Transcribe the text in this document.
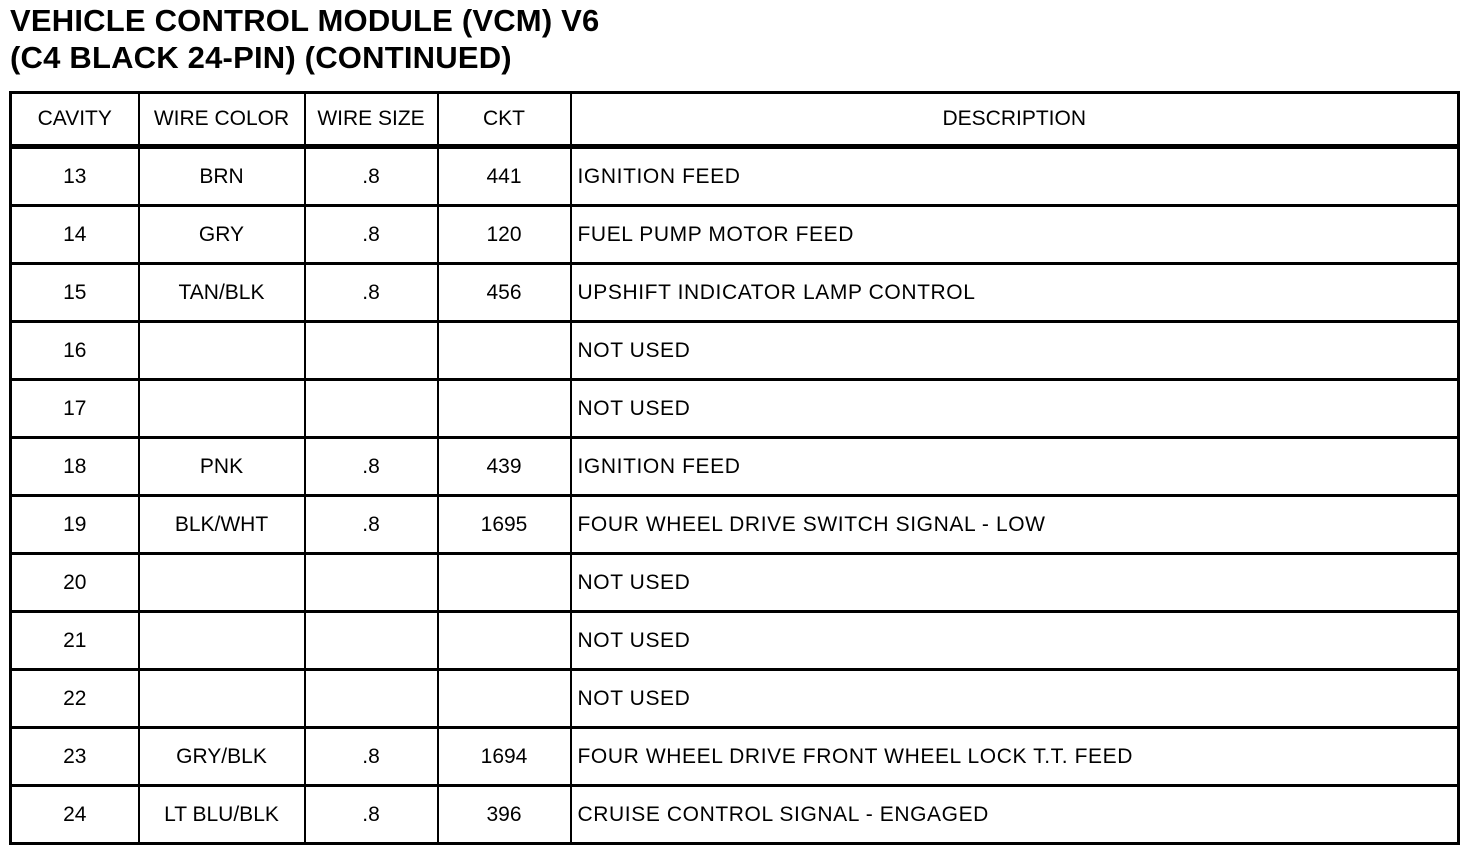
VEHICLE CONTROL MODULE (VCM) V6
(C4 BLACK 24-PIN) (CONTINUED)
CAVITY	WIRE COLOR	WIRE SIZE	CKT	DESCRIPTION
13	BRN	.8	441	IGNITION FEED
14	GRY	.8	120	FUEL PUMP MOTOR FEED
15	TAN/BLK	.8	456	UPSHIFT INDICATOR LAMP CONTROL
16				NOT USED
17				NOT USED
18	PNK	.8	439	IGNITION FEED
19	BLK/WHT	.8	1695	FOUR WHEEL DRIVE SWITCH SIGNAL - LOW
20				NOT USED
21				NOT USED
22				NOT USED
23	GRY/BLK	.8	1694	FOUR WHEEL DRIVE FRONT WHEEL LOCK T.T. FEED
24	LT BLU/BLK	.8	396	CRUISE CONTROL SIGNAL - ENGAGED
